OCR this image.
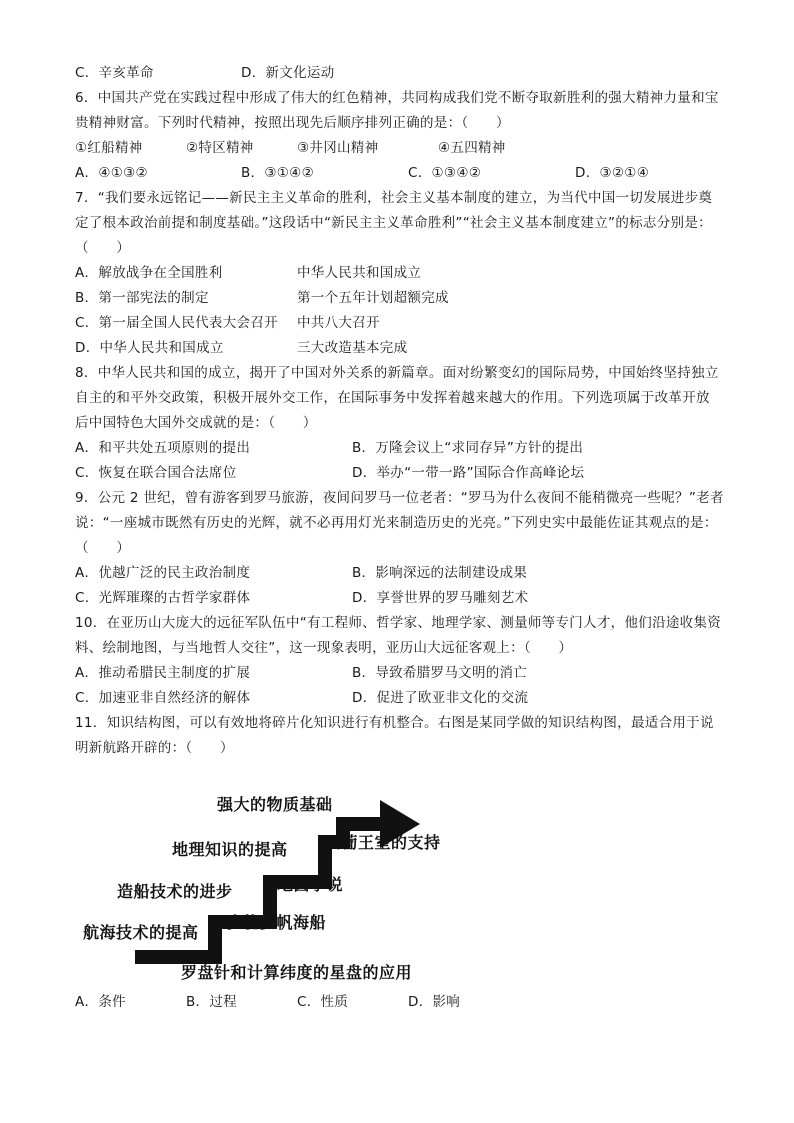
C．辛亥革命	D．新文化运动
6．中国共产党在实践过程中形成了伟大的红色精神，共同构成我们党不断夺取新胜利的强大精神力量和宝
贵精神财富。下列时代精神，按照出现先后顺序排列正确的是：（　　）
①红船精神	②特区精神	③井冈山精神	④五四精神
A．④①③②	B．③①④②	C．①③④②	D．③②①④
7．“我们要永远铭记——新民主主义革命的胜利，社会主义基本制度的建立，为当代中国一切发展进步奠
定了根本政治前提和制度基础。”这段话中“新民主主义革命胜利”“社会主义基本制度建立”的标志分别是：
（　　）
A．解放战争在全国胜利	中华人民共和国成立
B．第一部宪法的制定	第一个五年计划超额完成
C．第一届全国人民代表大会召开 中共八大召开
D．中华人民共和国成立	三大改造基本完成
8．中华人民共和国的成立，揭开了中国对外关系的新篇章。面对纷繁变幻的国际局势，中国始终坚持独立
自主的和平外交政策，积极开展外交工作，在国际事务中发挥着越来越大的作用。下列选项属于改革开放
后中国特色大国外交成就的是：（　　）
A．和平共处五项原则的提出	B．万隆会议上“求同存异”方针的提出
C．恢复在联合国合法席位	D．举办“一带一路”国际合作高峰论坛
9．公元 2 世纪，曾有游客到罗马旅游，夜间问罗马一位老者：“罗马为什么夜间不能稍微亮一些呢？”老者
说：“一座城市既然有历史的光辉，就不必再用灯光来制造历史的光亮。”下列史实中最能佐证其观点的是：
（　　）
A．优越广泛的民主政治制度	B．影响深远的法制建设成果
C．光辉璀璨的古哲学家群体	D．享誉世界的罗马雕刻艺术
10．在亚历山大庞大的远征军队伍中“有工程师、哲学家、地理学家、测量师等专门人才，他们沿途收集资
料、绘制地图，与当地哲人交往”，这一现象表明，亚历山大远征客观上：（　　）
A．推动希腊民主制度的扩展	B．导致希腊罗马文明的消亡
C．加速亚非自然经济的解体	D．促进了欧亚非文化的交流
11．知识结构图，可以有效地将碎片化知识进行有机整合。右图是某同学做的知识结构图，最适合用于说
明新航路开辟的：（　　）
强大的物质基础
地理知识的提高
造船技术的进步
航海技术的提高
西葡王室的支持
地圆学说
多桅多帆海船
罗盘针和计算纬度的星盘的应用
A．条件	B．过程	C．性质	D．影响
